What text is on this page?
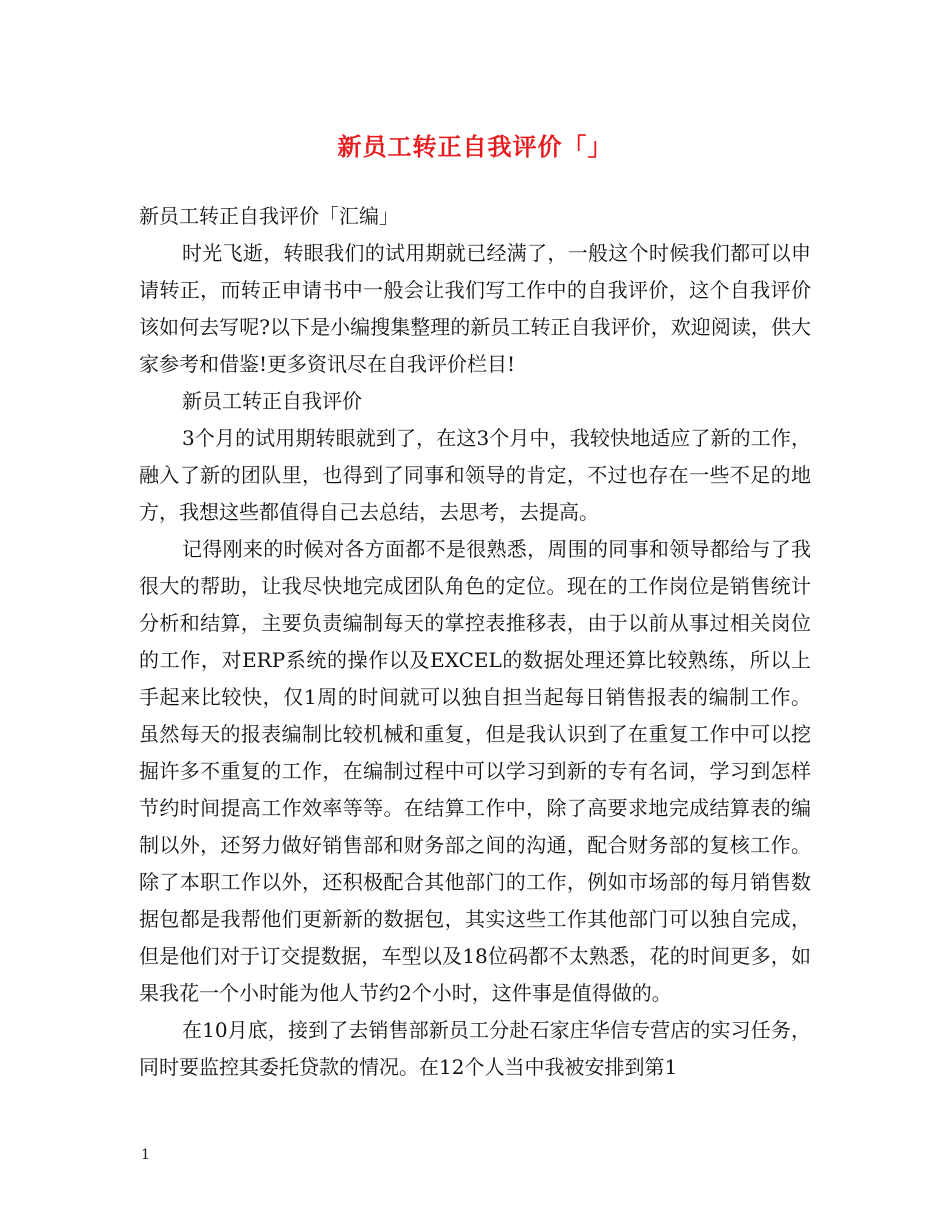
新员工转正自我评价「」

新员工转正自我评价「汇编」

时光飞逝，转眼我们的试用期就已经满了，一般这个时候我们都可以申请转正，而转正申请书中一般会让我们写工作中的自我评价，这个自我评价该如何去写呢?以下是小编搜集整理的新员工转正自我评价，欢迎阅读，供大家参考和借鉴!更多资讯尽在自我评价栏目!

新员工转正自我评价

3个月的试用期转眼就到了，在这3个月中，我较快地适应了新的工作，融入了新的团队里，也得到了同事和领导的肯定，不过也存在一些不足的地方，我想这些都值得自己去总结，去思考，去提高。

记得刚来的时候对各方面都不是很熟悉，周围的同事和领导都给与了我很大的帮助，让我尽快地完成团队角色的定位。现在的工作岗位是销售统计分析和结算，主要负责编制每天的掌控表推移表，由于以前从事过相关岗位的工作，对ERP系统的操作以及EXCEL的数据处理还算比较熟练，所以上手起来比较快，仅1周的时间就可以独自担当起每日销售报表的编制工作。虽然每天的报表编制比较机械和重复，但是我认识到了在重复工作中可以挖掘许多不重复的工作，在编制过程中可以学习到新的专有名词，学习到怎样节约时间提高工作效率等等。在结算工作中，除了高要求地完成结算表的编制以外，还努力做好销售部和财务部之间的沟通，配合财务部的复核工作。除了本职工作以外，还积极配合其他部门的工作，例如市场部的每月销售数据包都是我帮他们更新新的数据包，其实这些工作其他部门可以独自完成，但是他们对于订交提数据，车型以及18位码都不太熟悉，花的时间更多，如果我花一个小时能为他人节约2个小时，这件事是值得做的。

在10月底，接到了去销售部新员工分赴石家庄华信专营店的实习任务，同时要监控其委托贷款的情况。在12个人当中我被安排到第1

1
